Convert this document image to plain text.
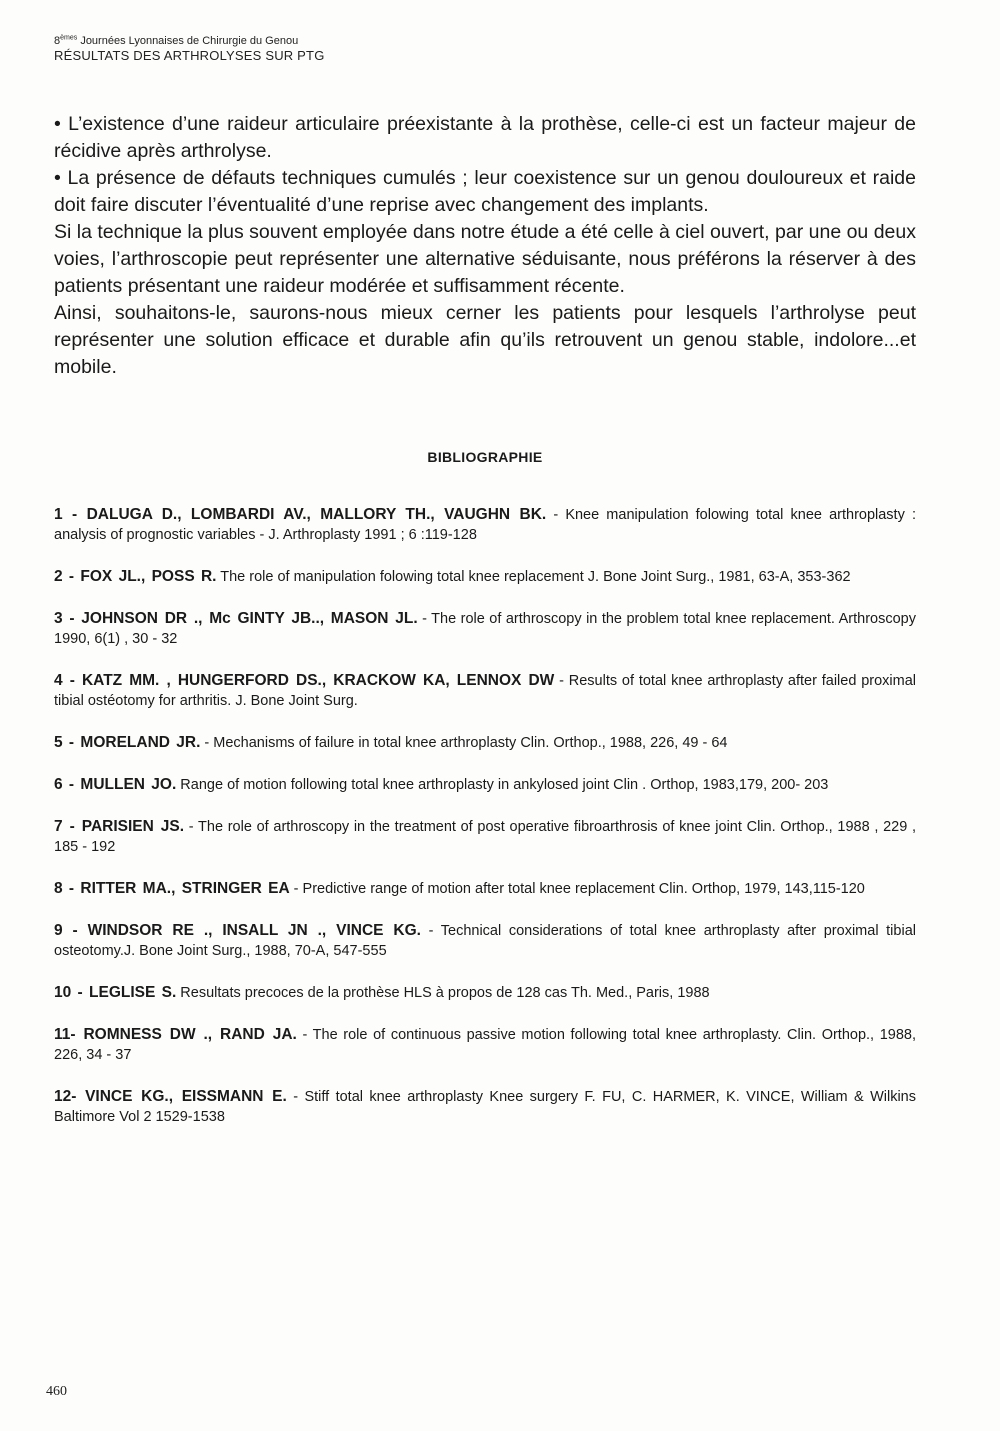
8èmes Journées Lyonnaises de Chirurgie du Genou
RÉSULTATS DES ARTHROLYSES SUR PTG

• L’existence d’une raideur articulaire préexistante à la prothèse, celle-ci est un facteur majeur de récidive après arthrolyse.

• La présence de défauts techniques cumulés ; leur coexistence sur un genou douloureux et raide doit faire discuter l’éventualité d’une reprise avec changement des implants.

Si la technique la plus souvent employée dans notre étude a été celle à ciel ouvert, par une ou deux voies, l’arthroscopie peut représenter une alternative séduisante, nous préférons la réserver à des patients présentant une raideur modérée et suffisamment récente.

Ainsi, souhaitons-le, saurons-nous mieux cerner les patients pour lesquels l’arthrolyse peut représenter une solution efficace et durable afin qu’ils retrouvent un genou stable, indolore...et mobile.

BIBLIOGRAPHIE
1 - DALUGA D., LOMBARDI AV., MALLORY TH., VAUGHN BK. - Knee manipulation folowing total knee arthroplasty : analysis of prognostic variables - J. Arthroplasty 1991 ; 6 :119-128
2 - FOX JL., POSS R. The role of manipulation folowing total knee replacement J. Bone Joint Surg., 1981, 63-A, 353-362
3 - JOHNSON DR ., Mc GINTY JB.., MASON JL. - The role of arthroscopy in the problem total knee replacement. Arthroscopy 1990, 6(1) , 30 - 32
4 - KATZ MM. , HUNGERFORD DS., KRACKOW KA, LENNOX DW - Results of total knee arthroplasty after failed proximal tibial ostéotomy for arthritis. J. Bone Joint Surg.
5 - MORELAND JR. - Mechanisms of failure in total knee arthroplasty Clin. Orthop., 1988, 226, 49 - 64
6 - MULLEN JO. Range of motion following total knee arthroplasty in ankylosed joint Clin . Orthop, 1983,179, 200- 203
7 - PARISIEN JS. - The role of arthroscopy in the treatment of post operative fibroarthrosis of knee joint Clin. Orthop., 1988 , 229 , 185 - 192
8 - RITTER MA., STRINGER EA - Predictive range of motion after total knee replacement Clin. Orthop, 1979, 143,115-120
9 - WINDSOR RE ., INSALL JN ., VINCE KG. - Technical considerations of total knee arthroplasty after proximal tibial osteotomy.J. Bone Joint Surg., 1988, 70-A, 547-555
10 - LEGLISE S. Resultats precoces de la prothèse HLS à propos de 128 cas Th. Med., Paris, 1988
11- ROMNESS DW ., RAND JA. - The role of continuous passive motion following total knee arthroplasty. Clin. Orthop., 1988, 226, 34 - 37
12- VINCE KG., EISSMANN E. - Stiff total knee arthroplasty Knee surgery F. FU, C. HARMER, K. VINCE, William & Wilkins Baltimore Vol 2 1529-1538
460
